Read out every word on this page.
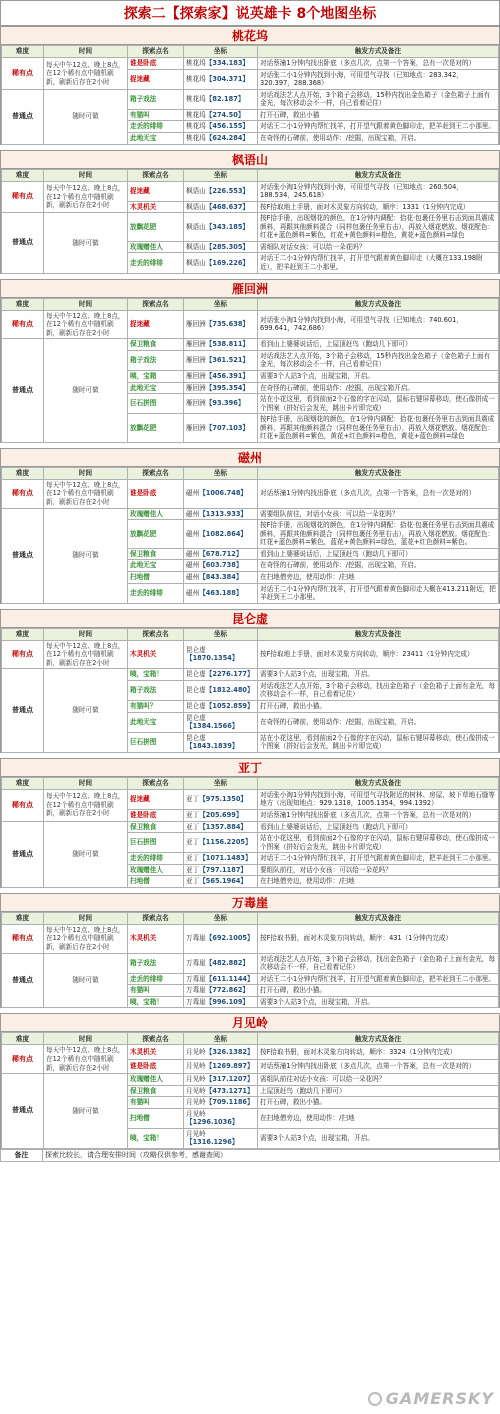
探索二【探索家】说英雄卡 8个地图坐标
桃花坞
难度	时间	探索点名	坐标	触发方式及备注
稀有点	每天中午12点、晚上8点，在12个稀有点中随机刷新，刷新后存在2小时	谁是卧底	桃花坞【334.183】	对话蔡潼1分钟内找出卧底（多点几次，点第一个答案，总有一次是对的）
		捉迷藏	桃花坞【304.371】	对话张二小1分钟内找到小海，可用望气寻找（已知地点：283.342，320.397，288.368）
普通点	随时可做	箱子戏法	桃花坞【82.187】	对话戏法艺人点开始，3个箱子会移动，15秒内找出金色箱子（金色箱子上面有金光，每次移动会不一样，自己看着记住）
		有猫叫	桃花坞【274.50】	打开石碑，救出小猫
		走丢的绯绯	桃花坞【456.155】	对话王二小1分钟内帮忙找羊，打开望气跟着黄色脚印走，把羊赶到王二小那里。
		此地无宝	桃花坞【624.284】	在奇怪的石碑前，使用动作：/挖掘，出现宝箱，开启。
枫语山
难度	时间	探索点名	坐标	触发方式及备注
稀有点	每天中午12点、晚上8点，在12个稀有点中随机刷新，刷新后存在2小时	捉迷藏	枫语山【226.553】	对话张小淘1分钟内找到小海，可用望气寻找（已知地点：260.504，188.534，245.618）
		木灵机关	枫语山【468.637】	按F拾取地上手册，面对木灵象方向转动，顺序：1331（1分钟内完成）
普通点	随时可做	放飘花肥	枫语山【343.185】	按F拾手册，出现烟花的颜色，在1分钟内调配：拾花·包裹任务里右击到面具震成颜料，再跟其他颜料混合（同样包裹任务里右击），再放入烟花燃放。烟花配色：红花+蓝色颜料=紫色，红花+黄色颜料=橙色，黄花+蓝色颜料=绿色
		玫瑰赠佳人	枫语山【285.305】	需细队对话女孩：可以给一朵花吗？
		走丢的绯绯	枫语山【169.226】	对话王二小1分钟内帮忙找羊，打开望气跟着黄色脚印走（大概在133.198附近），把羊赶到王二小那里。
雁回洲
难度	时间	探索点名	坐标	触发方式及备注
稀有点	每天中午12点、晚上8点，在12个稀有点中随机刷新，刷新后存在2小时	捉迷藏	雁回洲【735.638】	对话张小淘1分钟内找到小海，可用望气寻找（已知地点：740.601，699.641，742.686）
普通点	随时可做	保卫粮食	雁回洲【538.811】	看到山上婆婆说话后，上屋顶赶鸟（跑动几下即可）
		箱子戏法	雁回洲【361.521】	对话戏法艺人点开始，3个箱子会移动，15秒内找出金色箱子（金色箱子上面有金光，每次移动会不一样，自己看着记住）
		咦，宝箱	雁回洲【456.391】	需要3个人站3个点，出现宝箱，开启。
		此地无宝	雁回洲【395.354】	在奇怪的石碑前，使用动作：/挖掘，出现宝箱开启。
		巨石拼图	雁回洲【93.396】	站在小花这里，看到前面2个石像的字在闪动，鼠标右键屏幕移动，使石像拼成一个图案（拼好后会发光，跳出卡片即完成）
		放飘花肥	雁回洲【707.103】	按F拾手册，出现烟花的颜色，在1分钟内调配：拾花·包裹任务里右击到面具震成颜料，再跟其他颜料混合（同样包裹任务里右击），再放入烟花燃放。烟花配色：红花+蓝色颜料=紫色，黄花+红色颜料=橙色，黄花+蓝色颜料=绿色
磁州
难度	时间	探索点名	坐标	触发方式及备注
稀有点	每天中午12点、晚上8点，在12个稀有点中随机刷新，刷新后存在2小时	谁是卧底	磁州【1006.748】	对话蔡潼1分钟内找出卧底（多点几次，点第一个答案，总有一次是对的）
普通点	随时可做	玫瑰赠佳人	磁州【1313.933】	需要组队前往，对话小女孩：可以给一朵花吗？
		放飘花肥	磁州【1082.864】	按F拾手册，出现烟花的颜色，在1分钟内调配：拾花·包裹任务里右击到面具震成颜料，再跟其他颜料混合（同样包裹任务里右击），再放入烟花燃放。烟花配色：红花+蓝色颜料=紫色，蓝花+黄色颜料=绿色，蓝花+红色颜料=紫色。
		保卫粮食	磁州【678.712】	看到山上婆婆说话后，上屋顶赶鸟（跑动几下即可）
		此地无宝	磁州【603.738】	在奇怪的石碑前，使用动作：/挖掘，出现宝箱，开启。
		扫地僧	磁州【843.384】	在扫地僧旁边，使用动作：/扫地
		走丢的绯绯	磁州【463.188】	对话王二小1分钟内帮忙找羊，打开望气跟着黄色脚印走大概在413.211附近，把羊赶到王二小那里。
昆仑虚
难度	时间	探索点名	坐标	触发方式及备注
稀有点	每天中午12点、晚上8点，在12个稀有点中随机刷新，刷新后存在2小时	木灵机关	昆仑虚【1870.1354】	按F拾取地上手册，面对木灵象方向转动，顺序：23411（1分钟内完成）
普通点	随时可做	咦，宝箱！	昆仑虚【2276.177】	需要3个人站3个点，出现宝箱，开启。
		箱子戏法	昆仑虚【1812.480】	对话戏法艺人点开始，3个箱子会移动，找出金色箱子（金色箱子上面有金光，每次移动会不一样，自己看着记住）
		有猫叫？	昆仑虚【1052.859】	打开石碑，救出小猫。
		此地无宝	昆仑虚【1384.1566】	在奇怪的石碑前，使用动作：/挖掘，出现宝箱，开启。
		巨石拼图	昆仑虚【1843.1839】	站在小花这里，看到前面2个石像的字在闪动，鼠标右键屏幕移动，使石像拼成一个图案（拼好后会发光，跳出卡片即完成）
亚丁
难度	时间	探索点名	坐标	触发方式及备注
稀有点	每天中午12点、晚上8点，在12个稀有点中随机刷新，刷新后存在2小时	捉迷藏	亚丁【975.1350】	对话张小淘1分钟内找到小海，可用望气寻找附近的树林、房屋、坡下草地石缝等地方（出现知地点：929.1318，1005.1354，994.1392）
		谁是卧底	亚丁【205.699】	对话蔡潼1分钟内找出卧底（多点几次，点第一个答案，总有一次是对的）
普通点	随时可做	保卫粮食	亚丁【1357.884】	看到山上婆婆说话后，上屋顶赶鸟（跑动几下即可）
		巨石拼图	亚丁【1156.2205】	站在小花这里，看到前面2个石像的字在闪动，鼠标右键屏幕移动，使石像拼成一个图案（拼好后会发光，跳出卡片即完成）
		走丢的绯绯	亚丁【1071.1483】	对话王二小1分钟内帮忙找羊，打开望气跟着黄色脚印走，把羊赶到王二小那里。
		玫瑰赠佳人	亚丁【797.1187】	要组队前往，对话小女孩：可以给一朵花吗？
		扫地僧	亚丁【565.1964】	在扫地僧旁边，使用动作：/扫地
万毒崖
难度	时间	探索点名	坐标	触发方式及备注
稀有点	每天中午12点、晚上8点，在12个稀有点中随机刷新，刷新后存在2小时	木灵机关	万毒崖【692.1005】	按F拾取书册，面对木灵象方向转动，顺序：431（1分钟内完成）
普通点	随时可做	箱子戏法	万毒崖【482.882】	对话戏法艺人点开始，3个箱子会移动，找出金色箱子（金色箱子上面有金光，每次移动会不一样，自己看着记住）
		走丢的绯绯	万毒崖【611.1144】	对话王二小1分钟内帮忙找羊，打开望气跟着黄色脚印走，把羊赶到王二小那里。
		有猫叫	万毒崖【772.862】	打开石碑，救出小猫。
		咦，宝箱！	万毒崖【996.109】	需要3个人站3个点，出现宝箱，开启。
月见岭
难度	时间	探索点名	坐标	触发方式及备注
稀有点	每天中午12点、晚上8点，在12个稀有点中随机刷新，刷新后存在2小时	木灵机关	月见岭【326.1382】	按F拾取书册，面对木灵象方向转动，顺序：3324（1分钟内完成）
		谁是卧底	月见岭【1269.897】	对话蔡潼1分钟内找出卧底（多点几次，点第一个答案，总有一次是对的）
普通点	随时可做	玫瑰赠佳人	月见岭【317.1207】	需组队前往对话小女孩：可以给一朵花吗？
		保卫粮食	月见岭【473.1271】	上屋顶赶鸟（跑动几下即可）
		有猫叫	月见岭【709.1186】	打开石碑，救出小猫。
		扫地僧	月见岭【1296.1036】	在扫地僧旁边，使用动作：/扫地
		咦，宝箱！	月见岭【1316.1296】	需要3个人站3个点，出现宝箱，开启。
备注	探索比较长，请合理安排时间（攻略仅供参考，感谢查阅）
GAMERSKY
